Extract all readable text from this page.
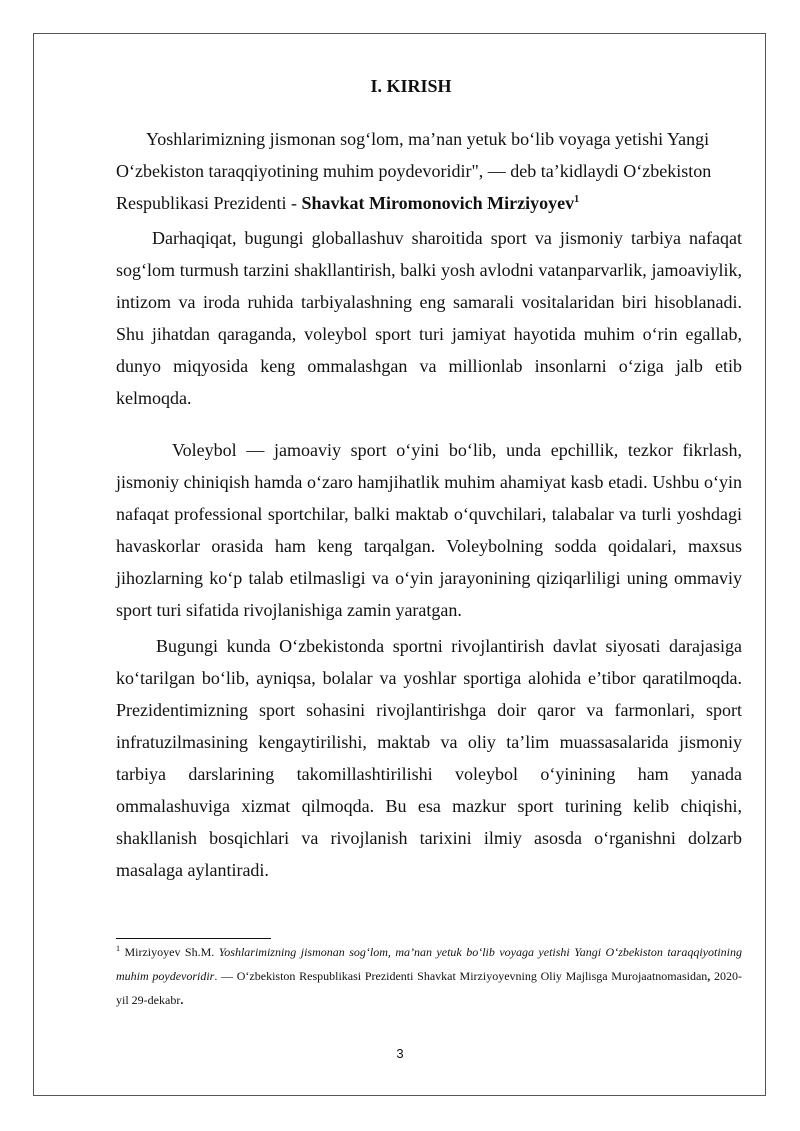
I. KIRISH

Yoshlarimizning jismonan sog‘lom, ma’nan yetuk bo‘lib voyaga yetishi Yangi O‘zbekiston taraqqiyotining muhim poydevoridir", — deb ta’kidlaydi O‘zbekiston Respublikasi Prezidenti - Shavkat Miromonovich Mirziyoyev$^1$

Darhaqiqat, bugungi globallashuv sharoitida sport va jismoniy tarbiya nafaqat sog‘lom turmush tarzini shakllantirish, balki yosh avlodni vatanparvarlik, jamoaviylik, intizom va iroda ruhida tarbiyalashning eng samarali vositalaridan biri hisoblanadi. Shu jihatdan qaraganda, voleybol sport turi jamiyat hayotida muhim o‘rin egallab, dunyo miqyosida keng ommalashgan va millionlab insonlarni o‘ziga jalb etib kelmoqda.

Voleybol — jamoaviy sport o‘yini bo‘lib, unda epchillik, tezkor fikrlash, jismoniy chiniqish hamda o‘zaro hamjihatlik muhim ahamiyat kasb etadi. Ushbu o‘yin nafaqat professional sportchilar, balki maktab o‘quvchilari, talabalar va turli yoshdagi havaskorlar orasida ham keng tarqalgan. Voleybolning sodda qoidalari, maxsus jihozlarning ko‘p talab etilmasligi va o‘yin jarayonining qiziqarliligi uning ommaviy sport turi sifatida rivojlanishiga zamin yaratgan.

Bugungi kunda O‘zbekistonda sportni rivojlantirish davlat siyosati darajasiga ko‘tarilgan bo‘lib, ayniqsa, bolalar va yoshlar sportiga alohida e’tibor qaratilmoqda. Prezidentimizning sport sohasini rivojlantirishga doir qaror va farmonlari, sport infratuzilmasining kengaytirilishi, maktab va oliy ta’lim muassasalarida jismoniy tarbiya darslarining takomillashtirilishi voleybol o‘yinining ham yanada ommalashuviga xizmat qilmoqda. Bu esa mazkur sport turining kelib chiqishi, shakllanish bosqichlari va rivojlanish tarixini ilmiy asosda o‘rganishni dolzarb masalaga aylantiradi.

$^1$ Mirziyoyev Sh.M. Yoshlarimizning jismonan sog‘lom, ma’nan yetuk bo‘lib voyaga yetishi Yangi O‘zbekiston taraqqiyotining muhim poydevoridir. — O‘zbekiston Respublikasi Prezidenti Shavkat Mirziyoyevning Oliy Majlisga Murojaatnomasidan, 2020-yil 29-dekabr.

3
